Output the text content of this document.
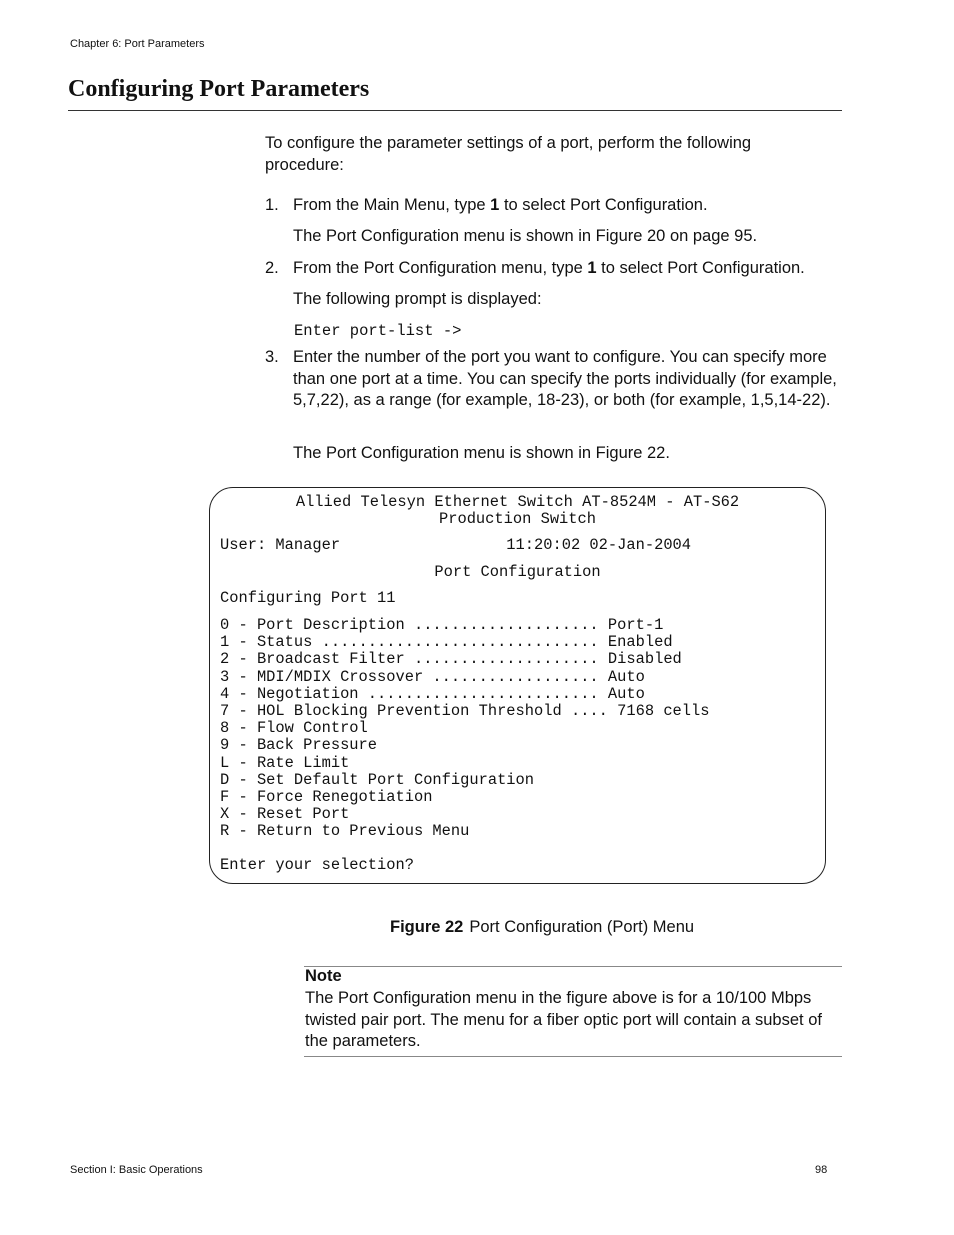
Chapter 6: Port Parameters
Configuring Port Parameters

To configure the parameter settings of a port, perform the following procedure:

1. From the Main Menu, type 1 to select Port Configuration.
The Port Configuration menu is shown in Figure 20 on page 95.
2. From the Port Configuration menu, type 1 to select Port Configuration.
The following prompt is displayed:
Enter port-list ->
3. Enter the number of the port you want to configure. You can specify more than one port at a time. You can specify the ports individually (for example, 5,7,22), as a range (for example, 18-23), or both (for example, 1,5,14-22).
The Port Configuration menu is shown in Figure 22.
Allied Telesyn Ethernet Switch AT-8524M - AT-S62
Production Switch
User: Manager                  11:20:02 02-Jan-2004
Port Configuration
Configuring Port 11
0 - Port Description .................... Port-1
1 - Status .............................. Enabled
2 - Broadcast Filter .................... Disabled
3 - MDI/MDIX Crossover .................. Auto
4 - Negotiation ......................... Auto
7 - HOL Blocking Prevention Threshold .... 7168 cells
8 - Flow Control
9 - Back Pressure
L - Rate Limit
D - Set Default Port Configuration
F - Force Renegotiation
X - Reset Port
R - Return to Previous Menu
Enter your selection?
Figure 22 Port Configuration (Port) Menu
Note

The Port Configuration menu in the figure above is for a 10/100 Mbps twisted pair port. The menu for a fiber optic port will contain a subset of the parameters.

Section I: Basic Operations	98
